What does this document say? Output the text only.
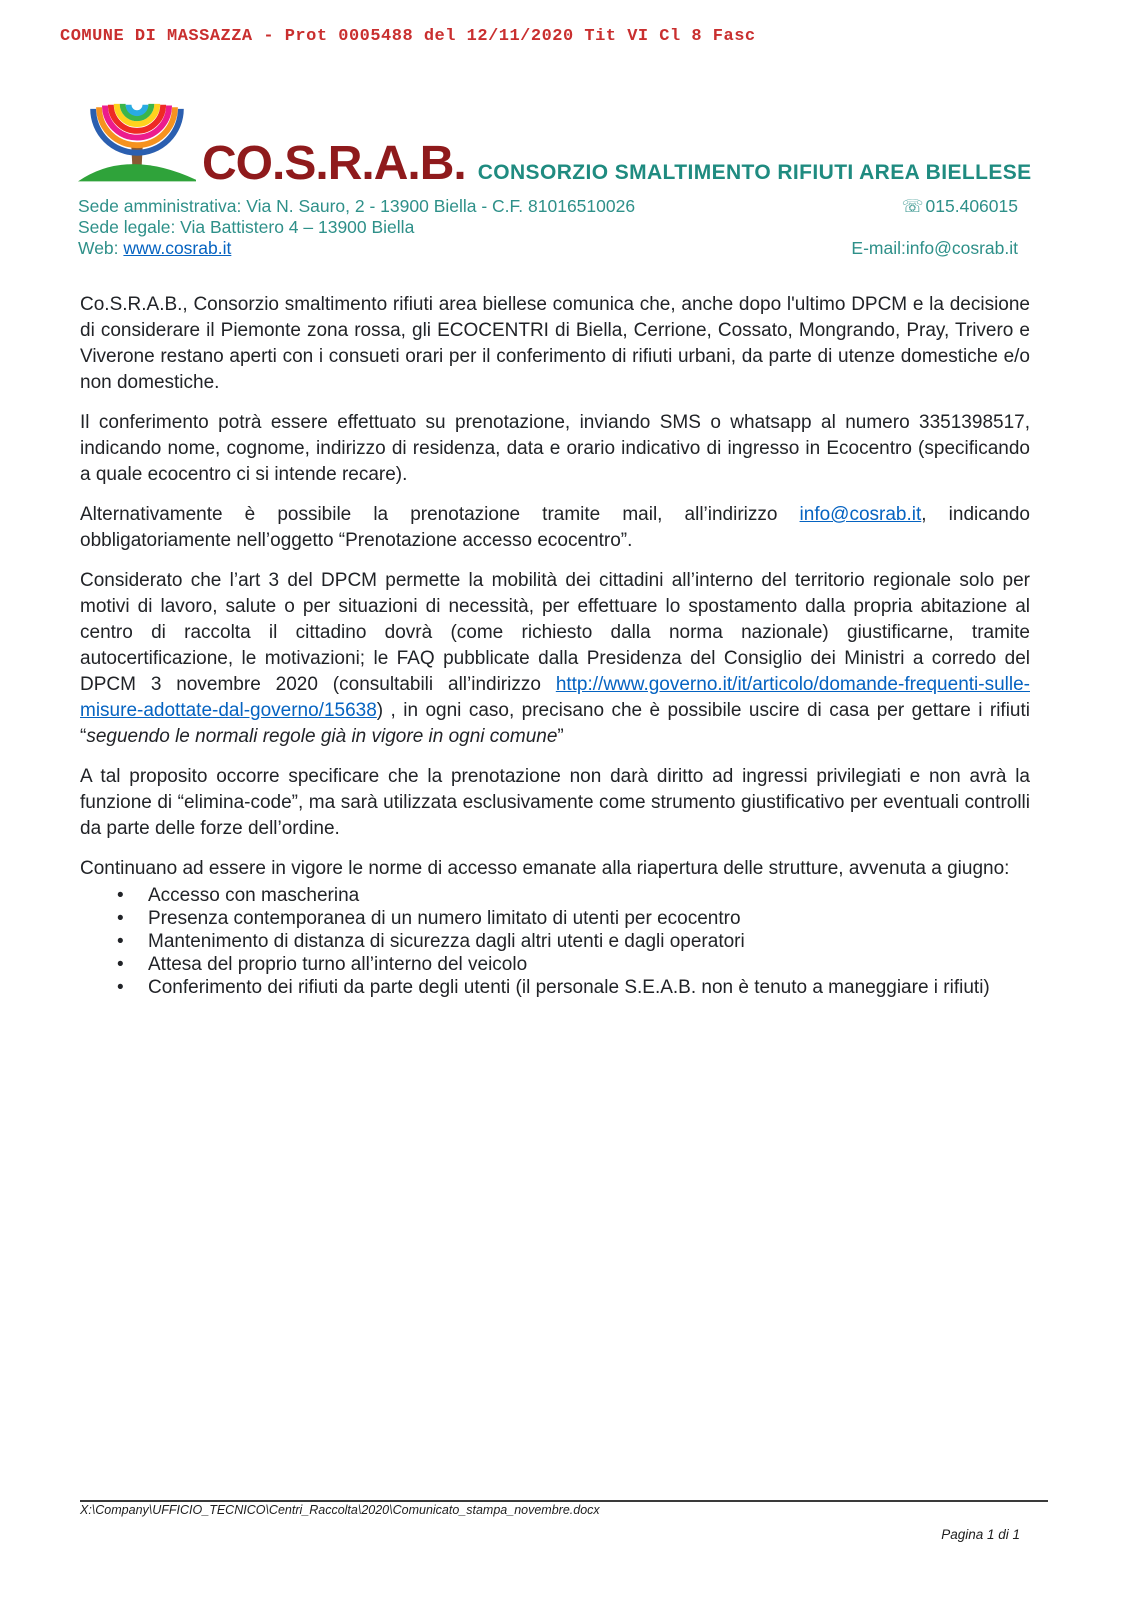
COMUNE DI MASSAZZA - Prot 0005488 del 12/11/2020 Tit VI Cl 8 Fasc
CO.S.R.A.B. CONSORZIO SMALTIMENTO RIFIUTI AREA BIELLESE
Sede amministrativa: Via N. Sauro, 2 - 13900 Biella - C.F. 81016510026	☏ 015.406015
Sede legale: Via Battistero 4 – 13900 Biella
Web: www.cosrab.it	E-mail:info@cosrab.it

Co.S.R.A.B., Consorzio smaltimento rifiuti area biellese comunica che, anche dopo l'ultimo DPCM e la decisione di considerare il Piemonte zona rossa, gli ECOCENTRI di Biella, Cerrione, Cossato, Mongrando, Pray, Trivero e Viverone restano aperti con i consueti orari per il conferimento di rifiuti urbani, da parte di utenze domestiche e/o non domestiche.

Il conferimento potrà essere effettuato su prenotazione, inviando SMS o whatsapp al numero 3351398517, indicando nome, cognome, indirizzo di residenza, data e orario indicativo di ingresso in Ecocentro (specificando a quale ecocentro ci si intende recare).

Alternativamente è possibile la prenotazione tramite mail, all’indirizzo info@cosrab.it, indicando obbligatoriamente nell’oggetto “Prenotazione accesso ecocentro”.

Considerato che l’art 3 del DPCM permette la mobilità dei cittadini all’interno del territorio regionale solo per motivi di lavoro, salute o per situazioni di necessità, per effettuare lo spostamento dalla propria abitazione al centro di raccolta il cittadino dovrà (come richiesto dalla norma nazionale) giustificarne, tramite autocertificazione, le motivazioni; le FAQ pubblicate dalla Presidenza del Consiglio dei Ministri a corredo del DPCM 3 novembre 2020 (consultabili all’indirizzo http://www.governo.it/it/articolo/domande-frequenti-sulle-misure-adottate-dal-governo/15638) , in ogni caso, precisano che è possibile uscire di casa per gettare i rifiuti “seguendo le normali regole già in vigore in ogni comune”

A tal proposito occorre specificare che la prenotazione non darà diritto ad ingressi privilegiati e non avrà la funzione di “elimina-code”, ma sarà utilizzata esclusivamente come strumento giustificativo per eventuali controlli da parte delle forze dell’ordine.

Continuano ad essere in vigore le norme di accesso emanate alla riapertura delle strutture, avvenuta a giugno:

• Accesso con mascherina
• Presenza contemporanea di un numero limitato di utenti per ecocentro
• Mantenimento di distanza di sicurezza dagli altri utenti e dagli operatori
• Attesa del proprio turno all’interno del veicolo
• Conferimento dei rifiuti da parte degli utenti (il personale S.E.A.B. non è tenuto a maneggiare i rifiuti)
X:\Company\UFFICIO_TECNICO\Centri_Raccolta\2020\Comunicato_stampa_novembre.docx
Pagina 1 di 1
